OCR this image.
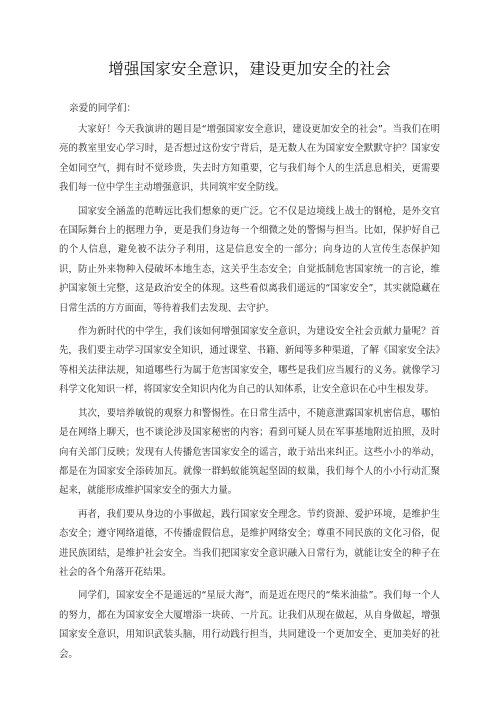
增强国家安全意识，建设更加安全的社会

亲爱的同学们：

大家好！今天我演讲的题目是“增强国家安全意识，建设更加安全的社会”。当我们在明亮的教室里安心学习时，是否想过这份安宁背后，是无数人在为国家安全默默守护？国家安全如同空气，拥有时不觉珍贵，失去时方知重要，它与我们每个人的生活息息相关，更需要我们每一位中学生主动增强意识，共同筑牢安全防线。

国家安全涵盖的范畴远比我们想象的更广泛。它不仅是边境线上战士的钢枪，是外交官在国际舞台上的据理力争，更是我们身边每一个细微之处的警惕与担当。比如，保护好自己的个人信息，避免被不法分子利用，这是信息安全的一部分；向身边的人宣传生态保护知识，防止外来物种入侵破坏本地生态，这关乎生态安全；自觉抵制危害国家统一的言论，维护国家领土完整，这是政治安全的体现。这些看似离我们遥远的“国家安全”，其实就隐藏在日常生活的方方面面，等待着我们去发现、去守护。

作为新时代的中学生，我们该如何增强国家安全意识，为建设安全社会贡献力量呢？首先，我们要主动学习国家安全知识，通过课堂、书籍、新闻等多种渠道，了解《国家安全法》等相关法律法规，知道哪些行为属于危害国家安全，哪些是我们应当履行的义务。就像学习科学文化知识一样，将国家安全知识内化为自己的认知体系，让安全意识在心中生根发芽。

其次，要培养敏锐的观察力和警惕性。在日常生活中，不随意泄露国家机密信息，哪怕是在网络上聊天，也不谈论涉及国家秘密的内容；看到可疑人员在军事基地附近拍照，及时向有关部门反映；发现有人传播危害国家安全的谣言，敢于站出来纠正。这些小小的举动，都是在为国家安全添砖加瓦。就像一群蚂蚁能筑起坚固的蚁巢，我们每个人的小小行动汇聚起来，就能形成维护国家安全的强大力量。

再者，我们要从身边的小事做起，践行国家安全理念。节约资源、爱护环境，是维护生态安全；遵守网络道德，不传播虚假信息，是维护网络安全；尊重不同民族的文化习俗，促进民族团结，是维护社会安全。当我们把国家安全意识融入日常行为，就能让安全的种子在社会的各个角落开花结果。

同学们，国家安全不是遥远的“星辰大海”，而是近在咫尺的“柴米油盐”。我们每一个人的努力，都在为国家安全大厦增添一块砖、一片瓦。让我们从现在做起，从自身做起，增强国家安全意识，用知识武装头脑，用行动践行担当，共同建设一个更加安全、更加美好的社会。
